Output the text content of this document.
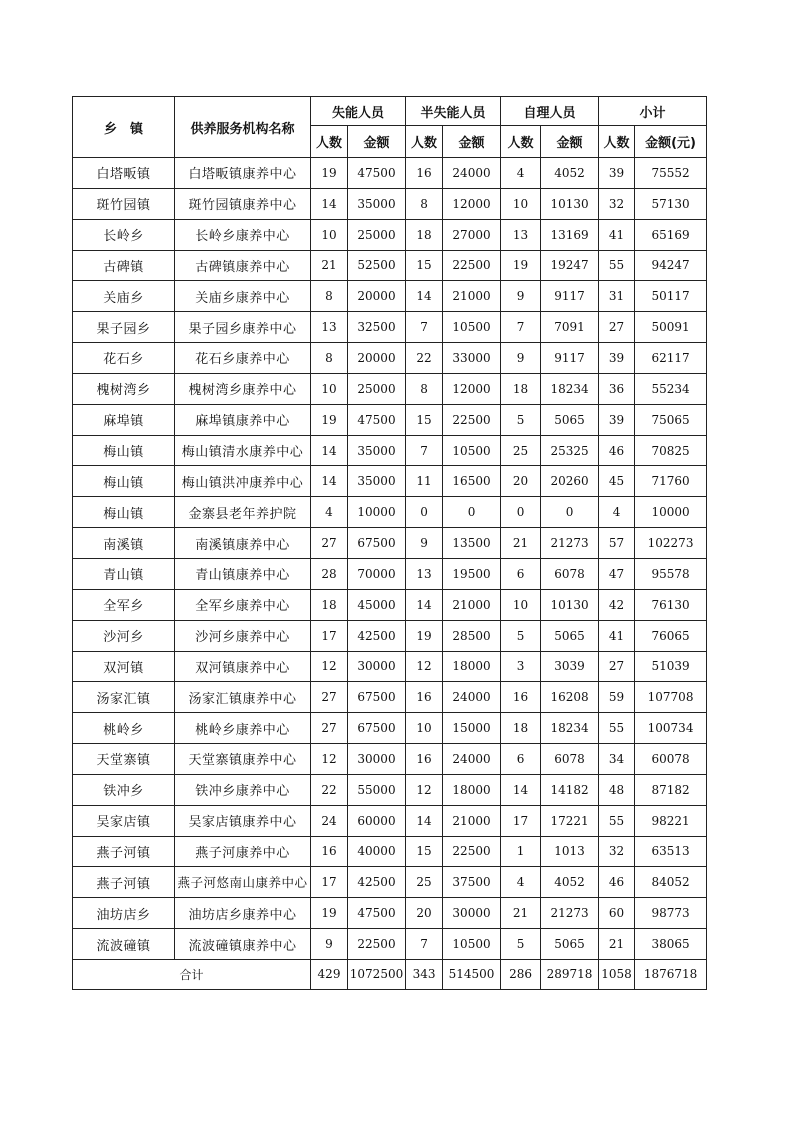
乡　镇	供养服务机构名称	失能人员		半失能人员		自理人员		小计	
		人数	金额	人数	金额	人数	金额	人数	金额(元)
白塔畈镇	白塔畈镇康养中心	19	47500	16	24000	4	4052	39	75552
斑竹园镇	斑竹园镇康养中心	14	35000	8	12000	10	10130	32	57130
长岭乡	长岭乡康养中心	10	25000	18	27000	13	13169	41	65169
古碑镇	古碑镇康养中心	21	52500	15	22500	19	19247	55	94247
关庙乡	关庙乡康养中心	8	20000	14	21000	9	9117	31	50117
果子园乡	果子园乡康养中心	13	32500	7	10500	7	7091	27	50091
花石乡	花石乡康养中心	8	20000	22	33000	9	9117	39	62117
槐树湾乡	槐树湾乡康养中心	10	25000	8	12000	18	18234	36	55234
麻埠镇	麻埠镇康养中心	19	47500	15	22500	5	5065	39	75065
梅山镇	梅山镇清水康养中心	14	35000	7	10500	25	25325	46	70825
梅山镇	梅山镇洪冲康养中心	14	35000	11	16500	20	20260	45	71760
梅山镇	金寨县老年养护院	4	10000	0	0	0	0	4	10000
南溪镇	南溪镇康养中心	27	67500	9	13500	21	21273	57	102273
青山镇	青山镇康养中心	28	70000	13	19500	6	6078	47	95578
全军乡	全军乡康养中心	18	45000	14	21000	10	10130	42	76130
沙河乡	沙河乡康养中心	17	42500	19	28500	5	5065	41	76065
双河镇	双河镇康养中心	12	30000	12	18000	3	3039	27	51039
汤家汇镇	汤家汇镇康养中心	27	67500	16	24000	16	16208	59	107708
桃岭乡	桃岭乡康养中心	27	67500	10	15000	18	18234	55	100734
天堂寨镇	天堂寨镇康养中心	12	30000	16	24000	6	6078	34	60078
铁冲乡	铁冲乡康养中心	22	55000	12	18000	14	14182	48	87182
吴家店镇	吴家店镇康养中心	24	60000	14	21000	17	17221	55	98221
燕子河镇	燕子河康养中心	16	40000	15	22500	1	1013	32	63513
燕子河镇	燕子河悠南山康养中心	17	42500	25	37500	4	4052	46	84052
油坊店乡	油坊店乡康养中心	19	47500	20	30000	21	21273	60	98773
流波䃥镇	流波䃥镇康养中心	9	22500	7	10500	5	5065	21	38065
合计		429	1072500	343	514500	286	289718	1058	1876718
